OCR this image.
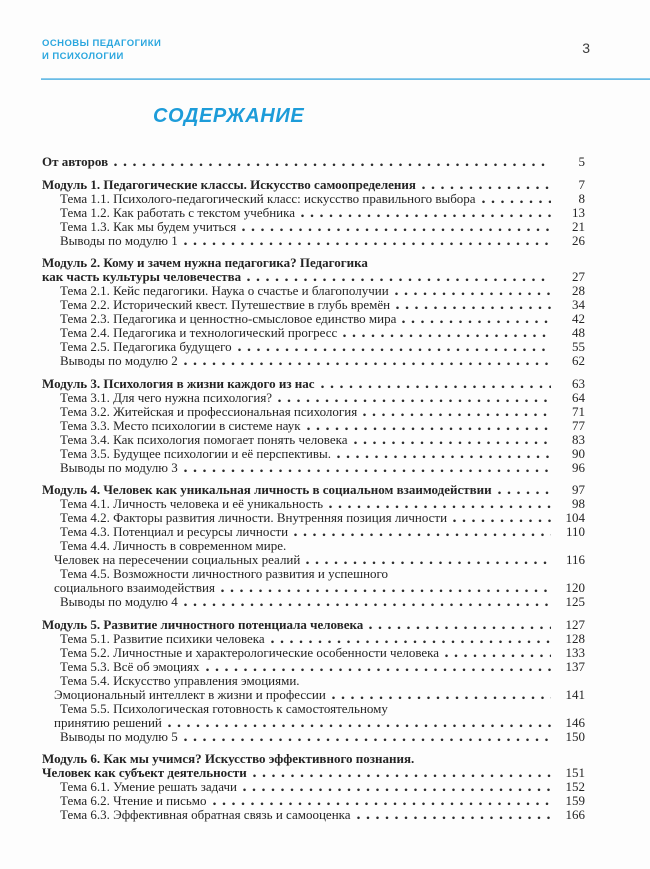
ОСНОВЫ ПЕДАГОГИКИ
И ПСИХОЛОГИИ
3
СОДЕРЖАНИЕ
От авторов	5
Модуль 1. Педагогические классы. Искусство самоопределения	7
Тема 1.1. Психолого-педагогический класс: искусство правильного выбора	8
Тема 1.2. Как работать с текстом учебника	13
Тема 1.3. Как мы будем учиться	21
Выводы по модулю 1	26
Модуль 2. Кому и зачем нужна педагогика? Педагогика
как часть культуры человечества	27
Тема 2.1. Кейс педагогики. Наука о счастье и благополучии	28
Тема 2.2. Исторический квест. Путешествие в глубь времён	34
Тема 2.3. Педагогика и ценностно-смысловое единство мира	42
Тема 2.4. Педагогика и технологический прогресс	48
Тема 2.5. Педагогика будущего	55
Выводы по модулю 2	62
Модуль 3. Психология в жизни каждого из нас	63
Тема 3.1. Для чего нужна психология?	64
Тема 3.2. Житейская и профессиональная психология	71
Тема 3.3. Место психологии в системе наук	77
Тема 3.4. Как психология помогает понять человека	83
Тема 3.5. Будущее психологии и её перспективы.	90
Выводы по модулю 3	96
Модуль 4. Человек как уникальная личность в социальном взаимодействии	97
Тема 4.1. Личность человека и её уникальность	98
Тема 4.2. Факторы развития личности. Внутренняя позиция личности	104
Тема 4.3. Потенциал и ресурсы личности	110
Тема 4.4. Личность в современном мире.
Человек на пересечении социальных реалий	116
Тема 4.5. Возможности личностного развития и успешного
социального взаимодействия	120
Выводы по модулю 4	125
Модуль 5. Развитие личностного потенциала человека	127
Тема 5.1. Развитие психики человека	128
Тема 5.2. Личностные и характерологические особенности человека	133
Тема 5.3. Всё об эмоциях	137
Тема 5.4. Искусство управления эмоциями.
Эмоциональный интеллект в жизни и профессии	141
Тема 5.5. Психологическая готовность к самостоятельному
принятию решений	146
Выводы по модулю 5	150
Модуль 6. Как мы учимся? Искусство эффективного познания.
Человек как субъект деятельности	151
Тема 6.1. Умение решать задачи	152
Тема 6.2. Чтение и письмо	159
Тема 6.3. Эффективная обратная связь и самооценка	166
